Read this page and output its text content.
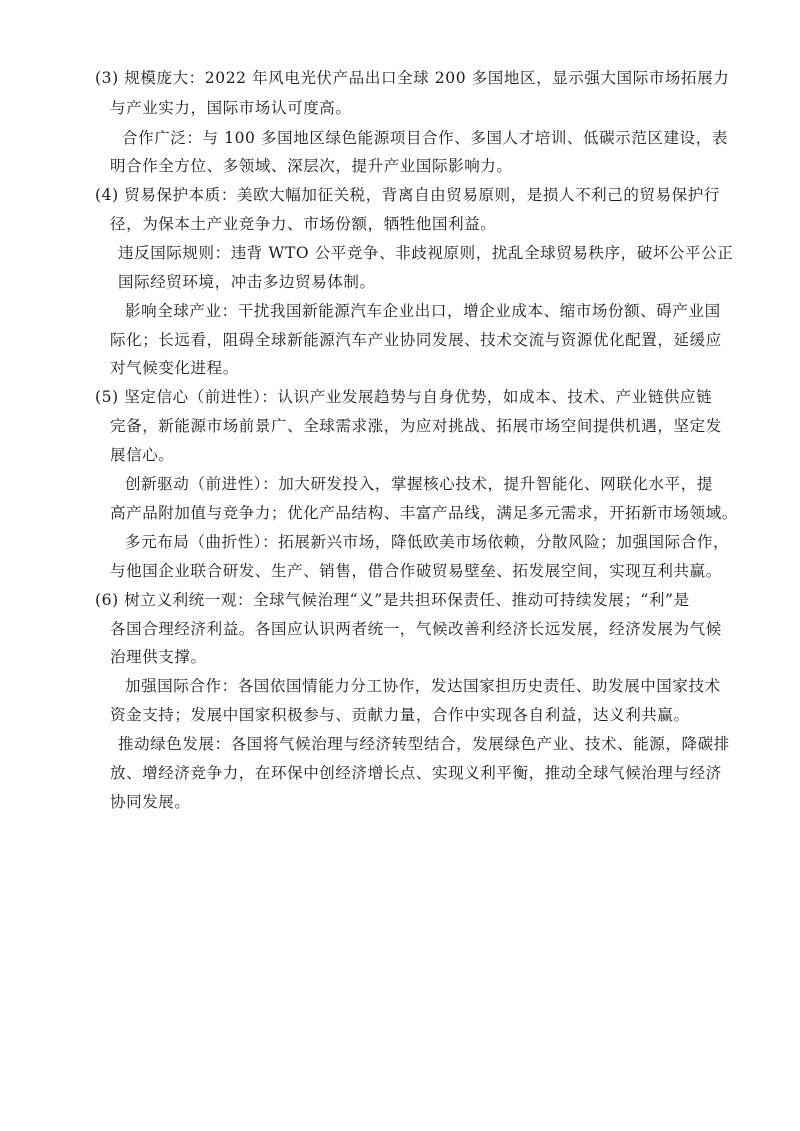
(3) 规模庞大：2022 年风电光伏产品出口全球 200 多国地区，显示强大国际市场拓展力
与产业实力，国际市场认可度高。
合作广泛：与 100 多国地区绿色能源项目合作、多国人才培训、低碳示范区建设，表
明合作全方位、多领域、深层次，提升产业国际影响力。
(4) 贸易保护本质：美欧大幅加征关税，背离自由贸易原则，是损人不利己的贸易保护行
径，为保本土产业竞争力、市场份额，牺牲他国利益。
违反国际规则：违背 WTO 公平竞争、非歧视原则，扰乱全球贸易秩序，破坏公平公正
国际经贸环境，冲击多边贸易体制。
影响全球产业：干扰我国新能源汽车企业出口，增企业成本、缩市场份额、碍产业国
际化；长远看，阻碍全球新能源汽车产业协同发展、技术交流与资源优化配置，延缓应
对气候变化进程。
(5) 坚定信心（前进性）：认识产业发展趋势与自身优势，如成本、技术、产业链供应链
完备，新能源市场前景广、全球需求涨，为应对挑战、拓展市场空间提供机遇，坚定发
展信心。
创新驱动（前进性）：加大研发投入，掌握核心技术，提升智能化、网联化水平，提
高产品附加值与竞争力；优化产品结构、丰富产品线，满足多元需求，开拓新市场领域。
多元布局（曲折性）：拓展新兴市场，降低欧美市场依赖，分散风险；加强国际合作，
与他国企业联合研发、生产、销售，借合作破贸易壁垒、拓发展空间，实现互利共赢。
(6) 树立义利统一观：全球气候治理“义”是共担环保责任、推动可持续发展；“利”是
各国合理经济利益。各国应认识两者统一，气候改善利经济长远发展，经济发展为气候
治理供支撑。
加强国际合作：各国依国情能力分工协作，发达国家担历史责任、助发展中国家技术
资金支持；发展中国家积极参与、贡献力量，合作中实现各自利益，达义利共赢。
推动绿色发展：各国将气候治理与经济转型结合，发展绿色产业、技术、能源，降碳排
放、增经济竞争力，在环保中创经济增长点、实现义利平衡，推动全球气候治理与经济
协同发展。
